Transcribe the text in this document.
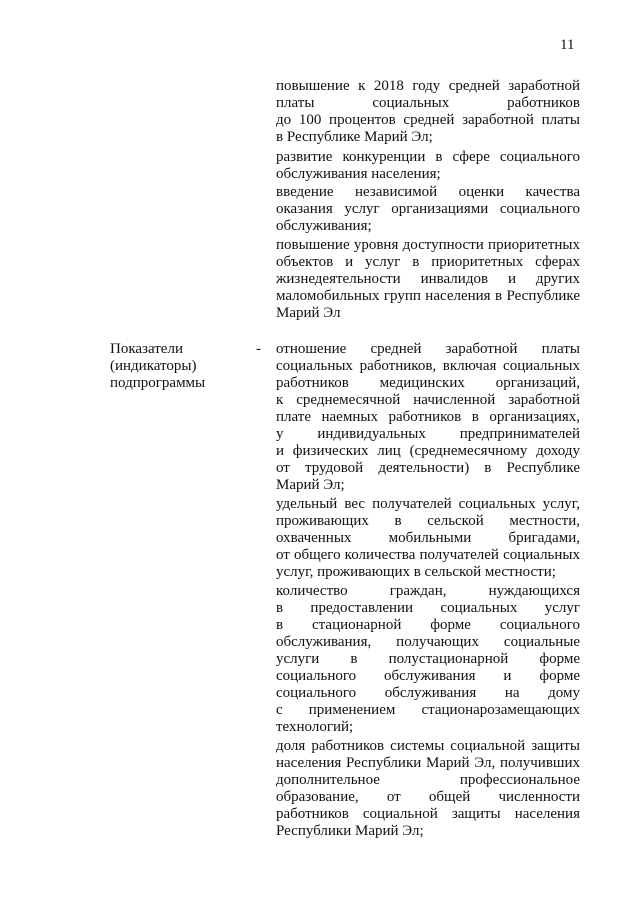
11
повышение к 2018 году средней заработной
платы социальных работников
до 100 процентов средней заработной платы
в Республике Марий Эл;
развитие конкуренции в сфере социального
обслуживания населения;
введение независимой оценки качества
оказания услуг организациями социального
обслуживания;
повышение уровня доступности приоритетных
объектов и услуг в приоритетных сферах
жизнедеятельности инвалидов и других
маломобильных групп населения в Республике
Марий Эл
Показатели
(индикаторы)
подпрограммы
- отношение средней заработной платы
социальных работников, включая социальных
работников медицинских организаций,
к среднемесячной начисленной заработной
плате наемных работников в организациях,
у индивидуальных предпринимателей
и физических лиц (среднемесячному доходу
от трудовой деятельности) в Республике
Марий Эл;
удельный вес получателей социальных услуг,
проживающих в сельской местности,
охваченных мобильными бригадами,
от общего количества получателей социальных
услуг, проживающих в сельской местности;
количество граждан, нуждающихся
в предоставлении социальных услуг
в стационарной форме социального
обслуживания, получающих социальные
услуги в полустационарной форме
социального обслуживания и форме
социального обслуживания на дому
с применением стационарозамещающих
технологий;
доля работников системы социальной защиты
населения Республики Марий Эл, получивших
дополнительное профессиональное
образование, от общей численности
работников социальной защиты населения
Республики Марий Эл;
